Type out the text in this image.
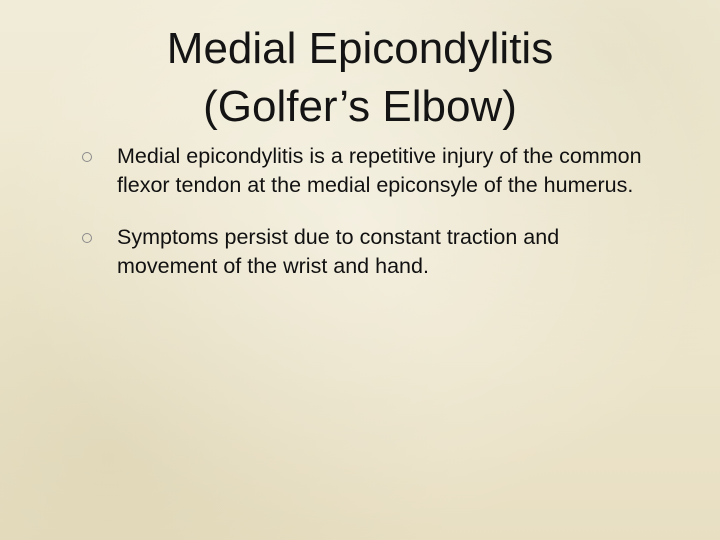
Medial Epicondylitis
(Golfer’s Elbow)
Medial epicondylitis is a repetitive injury of the common flexor tendon at the medial epiconsyle of the humerus.
Symptoms persist due to constant traction and movement of the wrist and hand.
